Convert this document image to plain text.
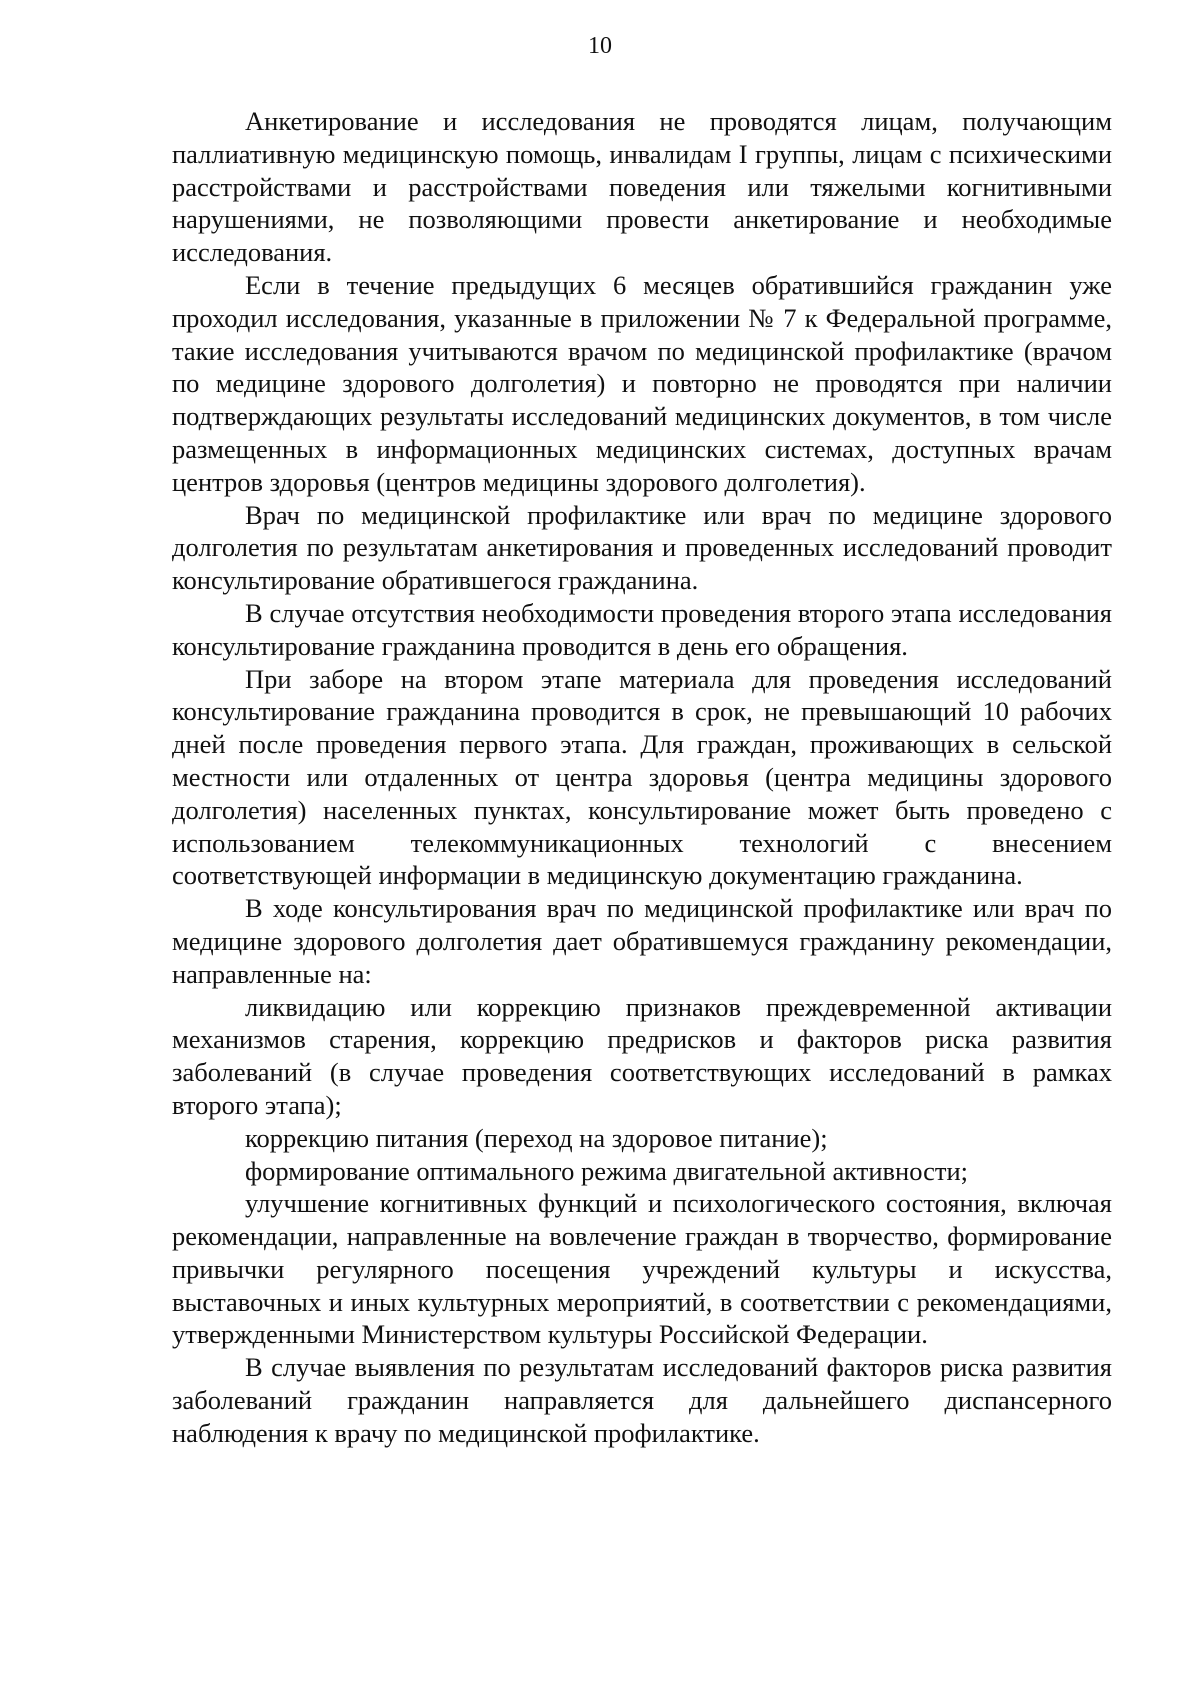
10

Анкетирование и исследования не проводятся лицам, получающим паллиативную медицинскую помощь, инвалидам I группы, лицам с психическими расстройствами и расстройствами поведения или тяжелыми когнитивными нарушениями, не позволяющими провести анкетирование и необходимые исследования.

Если в течение предыдущих 6 месяцев обратившийся гражданин уже проходил исследования, указанные в приложении № 7 к Федеральной программе, такие исследования учитываются врачом по медицинской профилактике (врачом по медицине здорового долголетия) и повторно не проводятся при наличии подтверждающих результаты исследований медицинских документов, в том числе размещенных в информационных медицинских системах, доступных врачам центров здоровья (центров медицины здорового долголетия).

Врач по медицинской профилактике или врач по медицине здорового долголетия по результатам анкетирования и проведенных исследований проводит консультирование обратившегося гражданина.

В случае отсутствия необходимости проведения второго этапа исследования консультирование гражданина проводится в день его обращения.

При заборе на втором этапе материала для проведения исследований консультирование гражданина проводится в срок, не превышающий 10 рабочих дней после проведения первого этапа. Для граждан, проживающих в сельской местности или отдаленных от центра здоровья (центра медицины здорового долголетия) населенных пунктах, консультирование может быть проведено с использованием телекоммуникационных технологий с внесением соответствующей информации в медицинскую документацию гражданина.

В ходе консультирования врач по медицинской профилактике или врач по медицине здорового долголетия дает обратившемуся гражданину рекомендации, направленные на:

ликвидацию или коррекцию признаков преждевременной активации механизмов старения, коррекцию предрисков и факторов риска развития заболеваний (в случае проведения соответствующих исследований в рамках второго этапа);

коррекцию питания (переход на здоровое питание);

формирование оптимального режима двигательной активности;

улучшение когнитивных функций и психологического состояния, включая рекомендации, направленные на вовлечение граждан в творчество, формирование привычки регулярного посещения учреждений культуры и искусства, выставочных и иных культурных мероприятий, в соответствии с рекомендациями, утвержденными Министерством культуры Российской Федерации.

В случае выявления по результатам исследований факторов риска развития заболеваний гражданин направляется для дальнейшего диспансерного наблюдения к врачу по медицинской профилактике.
